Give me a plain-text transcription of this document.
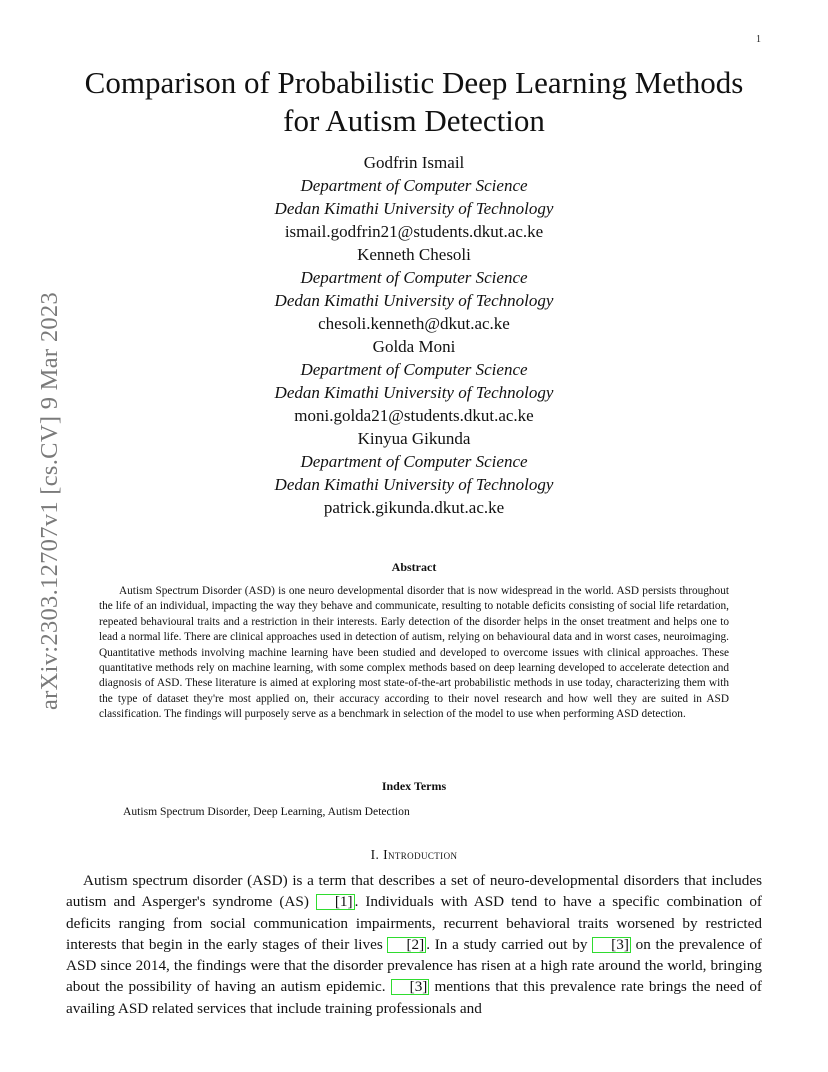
1
arXiv:2303.12707v1 [cs.CV] 9 Mar 2023
Comparison of Probabilistic Deep Learning Methods for Autism Detection
Godfrin Ismail
Department of Computer Science
Dedan Kimathi University of Technology
ismail.godfrin21@students.dkut.ac.ke
Kenneth Chesoli
Department of Computer Science
Dedan Kimathi University of Technology
chesoli.kenneth@dkut.ac.ke
Golda Moni
Department of Computer Science
Dedan Kimathi University of Technology
moni.golda21@students.dkut.ac.ke
Kinyua Gikunda
Department of Computer Science
Dedan Kimathi University of Technology
patrick.gikunda.dkut.ac.ke
Abstract

Autism Spectrum Disorder (ASD) is one neuro developmental disorder that is now widespread in the world. ASD persists throughout the life of an individual, impacting the way they behave and communicate, resulting to notable deficits consisting of social life retardation, repeated behavioural traits and a restriction in their interests. Early detection of the disorder helps in the onset treatment and helps one to lead a normal life. There are clinical approaches used in detection of autism, relying on behavioural data and in worst cases, neuroimaging. Quantitative methods involving machine learning have been studied and developed to overcome issues with clinical approaches. These quantitative methods rely on machine learning, with some complex methods based on deep learning developed to accelerate detection and diagnosis of ASD. These literature is aimed at exploring most state-of-the-art probabilistic methods in use today, characterizing them with the type of dataset they're most applied on, their accuracy according to their novel research and how well they are suited in ASD classification. The findings will purposely serve as a benchmark in selection of the model to use when performing ASD detection.

Index Terms
Autism Spectrum Disorder, Deep Learning, Autism Detection
I. Introduction

Autism spectrum disorder (ASD) is a term that describes a set of neuro-developmental disorders that includes autism and Asperger's syndrome (AS) [1] . Individuals with ASD tend to have a specific combination of deficits ranging from social communication impairments, recurrent behavioral traits worsened by restricted interests that begin in the early stages of their lives [2] . In a study carried out by [3] on the prevalence of ASD since 2014, the findings were that the disorder prevalence has risen at a high rate around the world, bringing about the possibility of having an autism epidemic. [3] mentions that this prevalence rate brings the need of availing ASD related services that include training professionals and
